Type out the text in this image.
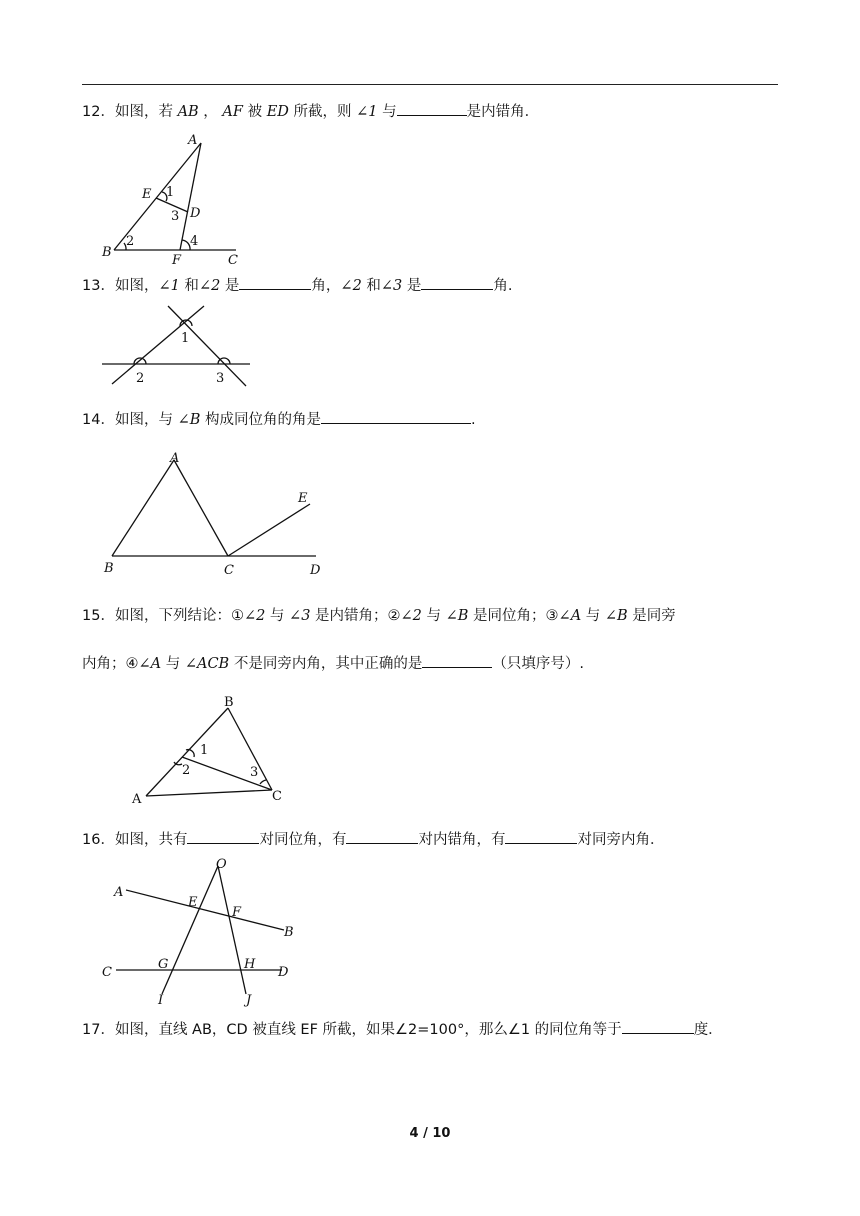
12．如图，若 AB ， AF 被 ED 所截，则 ∠1 与	是内错角．
A
E
D
B
F	C
1
2
3
4
13．如图，∠1 和∠2 是	角，∠2 和∠3 是	角.
1
2	3
14．如图，与 ∠B 构成同位角的角是	.
A
B	C	D
E
15．如图，下列结论：①∠2 与 ∠3 是内错角；②∠2 与 ∠B 是同位角；③∠A 与 ∠B 是同旁
内角；④∠A 与 ∠ACB 不是同旁内角，其中正确的是	（只填序号）.
B
A	C
1
2	3
16．如图，共有	对同位角，有	对内错角，有	对同旁内角．
O
A
E
F
B
C
G	H
D
I	J
17．如图，直线 AB，CD 被直线 EF 所截，如果∠2=100°，那么∠1 的同位角等于	度．
4 / 10
